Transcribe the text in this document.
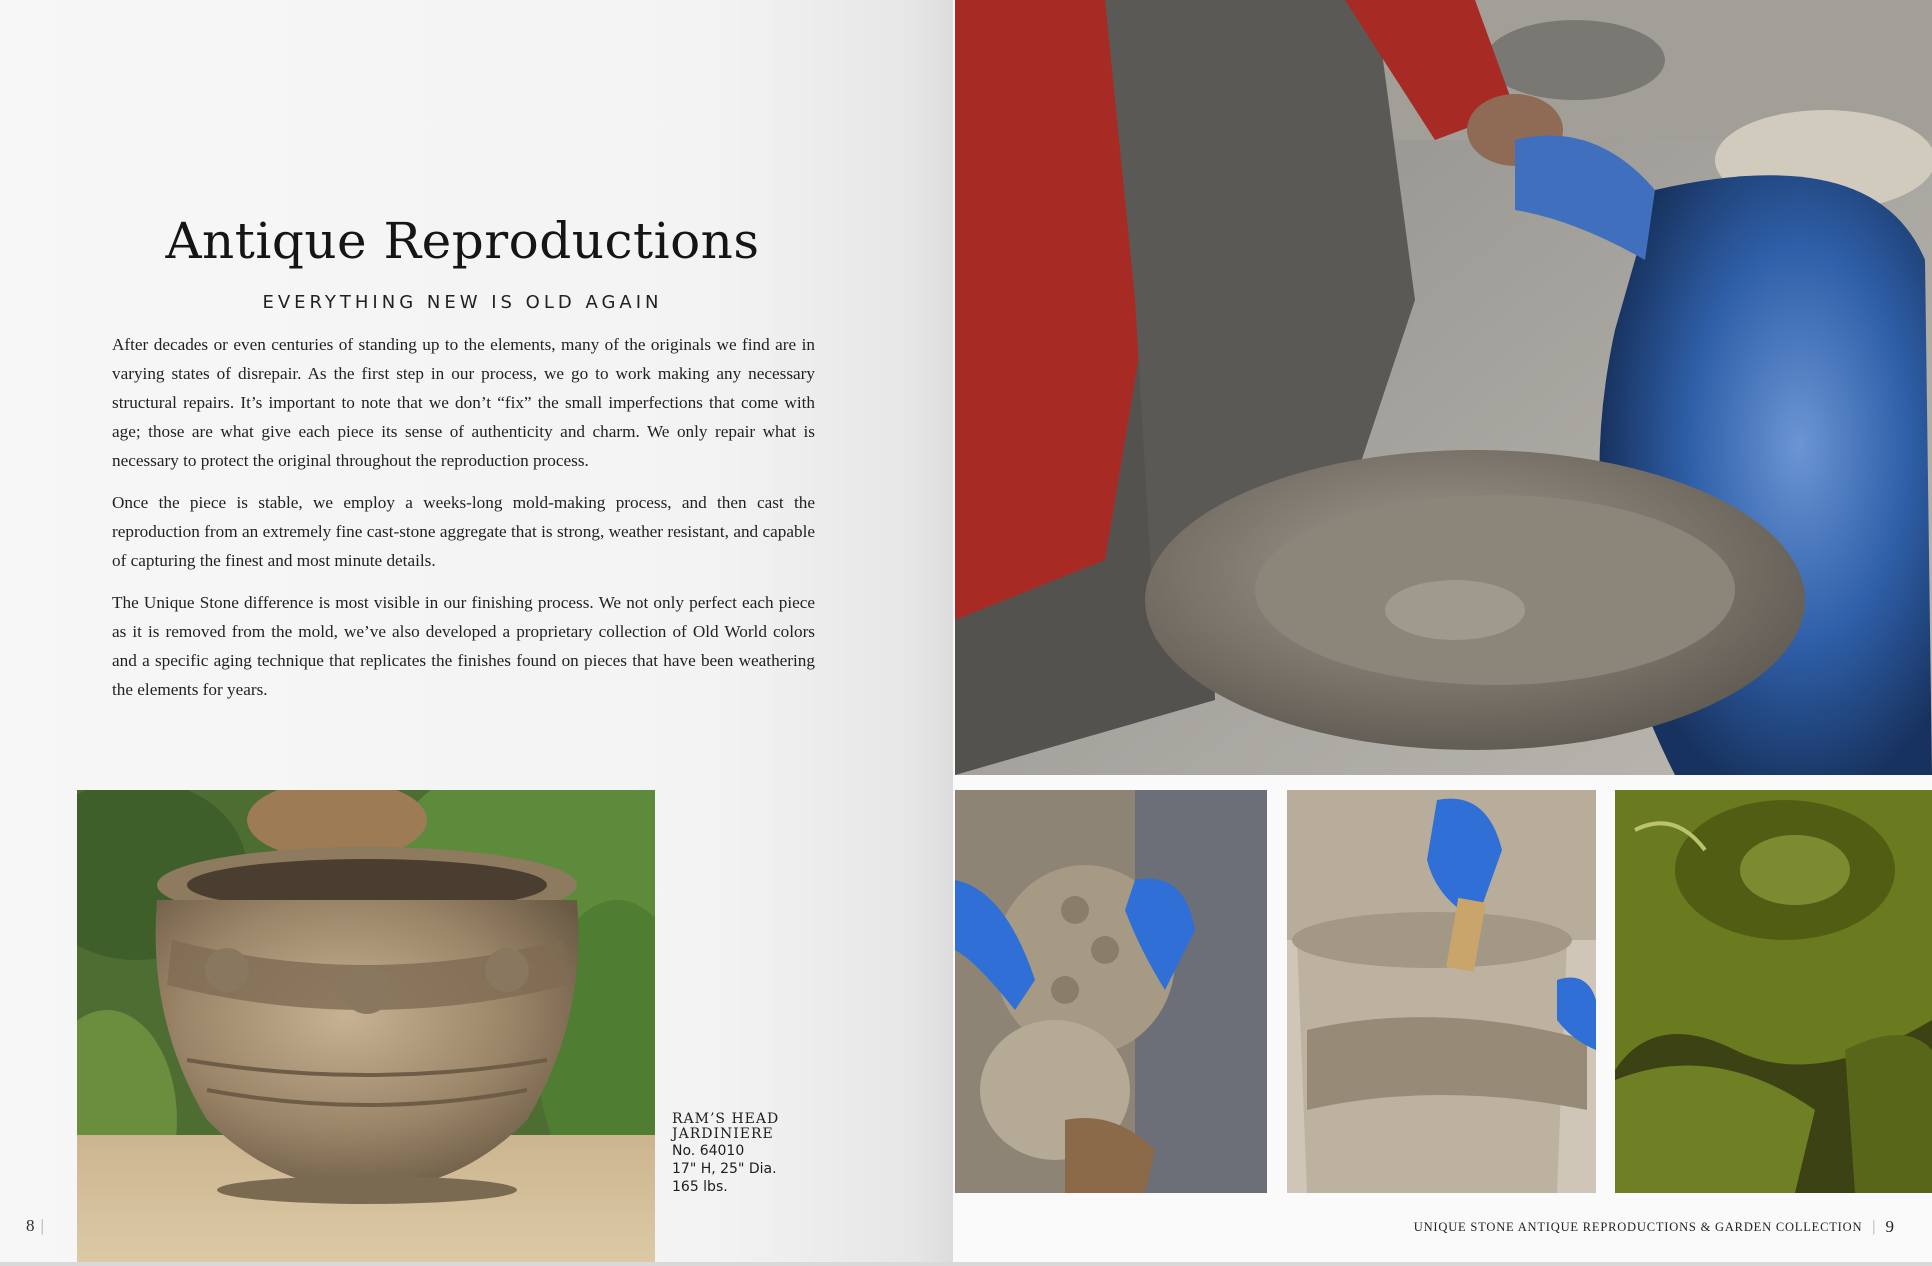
Antique Reproductions
EVERYTHING NEW IS OLD AGAIN

After decades or even centuries of standing up to the elements, many of the originals we find are in varying states of disrepair. As the first step in our process, we go to work making any necessary structural repairs. It’s important to note that we don’t “fix” the small imperfections that come with age; those are what give each piece its sense of authenticity and charm. We only repair what is necessary to protect the original throughout the reproduction process.

Once the piece is stable, we employ a weeks-long mold-making process, and then cast the reproduction from an extremely fine cast-stone aggregate that is strong, weather resistant, and capable of capturing the finest and most minute details.

The Unique Stone difference is most visible in our finishing process. We not only perfect each piece as it is removed from the mold, we’ve also developed a proprietary collection of Old World colors and a specific aging technique that replicates the finishes found on pieces that have been weathering the elements for years.

RAM’S HEAD
JARDINIERE
No. 64010
17" H, 25" Dia.
165 lbs.
8 |	UNIQUE STONE ANTIQUE REPRODUCTIONS & GARDEN COLLECTION | 9
